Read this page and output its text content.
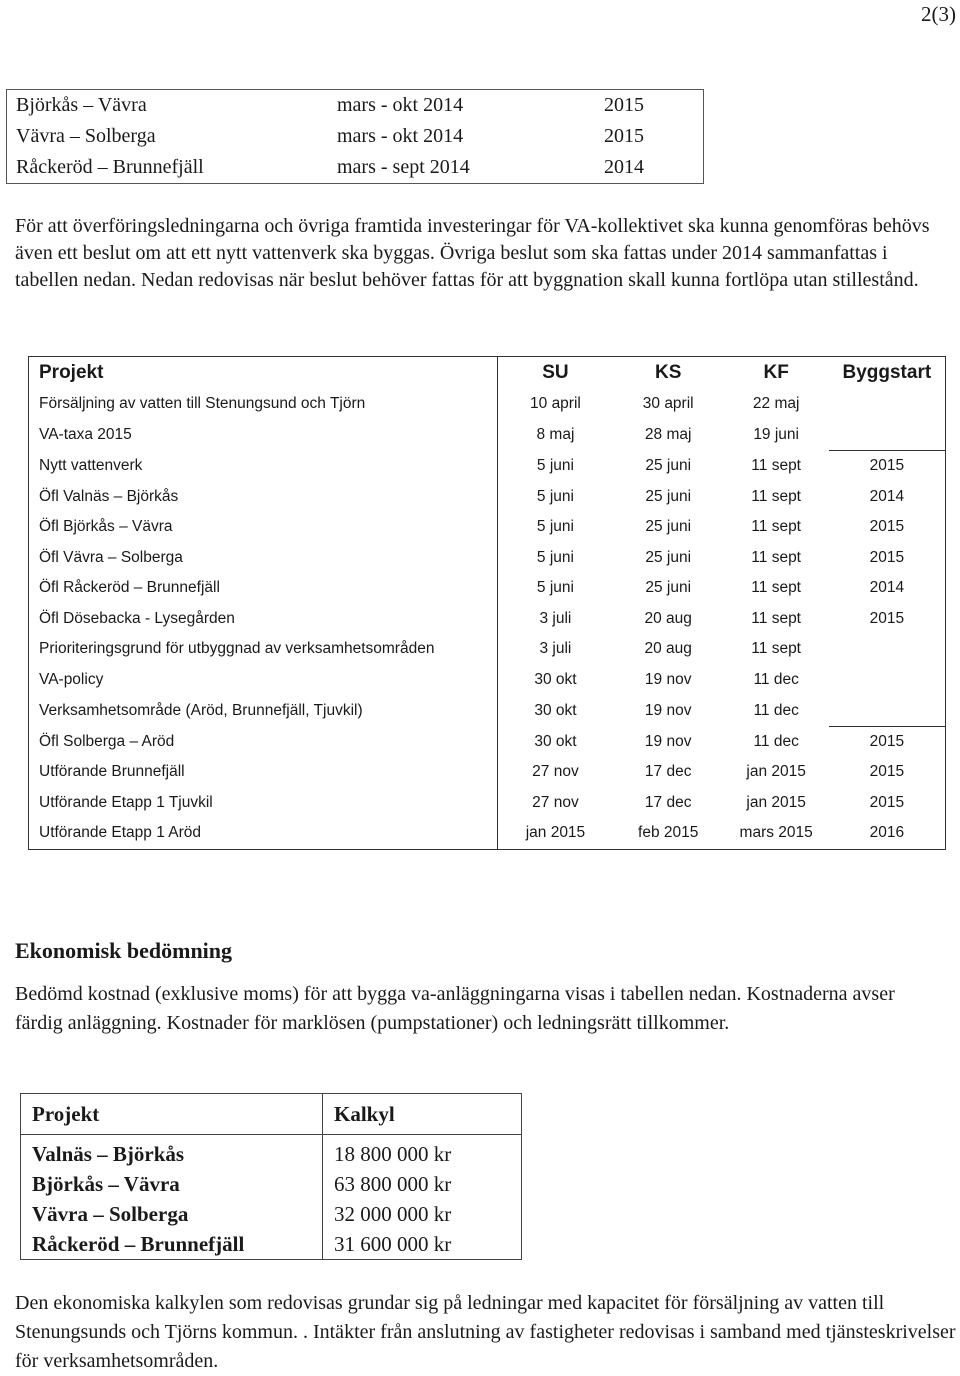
2(3)
Björkås – Vävra	mars - okt 2014	2015
Vävra – Solberga	mars - okt 2014	2015
Råckeröd – Brunnefjäll	mars - sept 2014	2014

För att överföringsledningarna och övriga framtida investeringar för VA-kollektivet ska kunna genomföras behövs även ett beslut om att ett nytt vattenverk ska byggas. Övriga beslut som ska fattas under 2014 sammanfattas i tabellen nedan. Nedan redovisas när beslut behöver fattas för att byggnation skall kunna fortlöpa utan stillestånd.

Projekt	SU	KS	KF	Byggstart
Försäljning av vatten till Stenungsund och Tjörn	10 april	30 april	22 maj	
VA-taxa 2015	8 maj	28 maj	19 juni	
Nytt vattenverk	5 juni	25 juni	11 sept	2015
Öfl Valnäs – Björkås	5 juni	25 juni	11 sept	2014
Öfl Björkås – Vävra	5 juni	25 juni	11 sept	2015
Öfl Vävra – Solberga	5 juni	25 juni	11 sept	2015
Öfl Råckeröd – Brunnefjäll	5 juni	25 juni	11 sept	2014
Öfl Dösebacka - Lysegården	3 juli	20 aug	11 sept	2015
Prioriteringsgrund för utbyggnad av verksamhetsområden	3 juli	20 aug	11 sept	
VA-policy	30 okt	19 nov	11 dec	
Verksamhetsområde (Aröd, Brunnefjäll, Tjuvkil)	30 okt	19 nov	11 dec	
Öfl Solberga – Aröd	30 okt	19 nov	11 dec	2015
Utförande Brunnefjäll	27 nov	17 dec	jan 2015	2015
Utförande Etapp 1 Tjuvkil	27 nov	17 dec	jan 2015	2015
Utförande Etapp 1 Aröd	jan 2015	feb 2015	mars 2015	2016
Ekonomisk bedömning

Bedömd kostnad (exklusive moms) för att bygga va-anläggningarna visas i tabellen nedan. Kostnaderna avser färdig anläggning. Kostnader för marklösen (pumpstationer) och ledningsrätt tillkommer.

Projekt	Kalkyl
Valnäs – Björkås	18 800 000 kr
Björkås – Vävra	63 800 000 kr
Vävra – Solberga	32 000 000 kr
Råckeröd – Brunnefjäll	31 600 000 kr

Den ekonomiska kalkylen som redovisas grundar sig på ledningar med kapacitet för försäljning av vatten till Stenungsunds och Tjörns kommun. . Intäkter från anslutning av fastigheter redovisas i samband med tjänsteskrivelser för verksamhetsområden.
